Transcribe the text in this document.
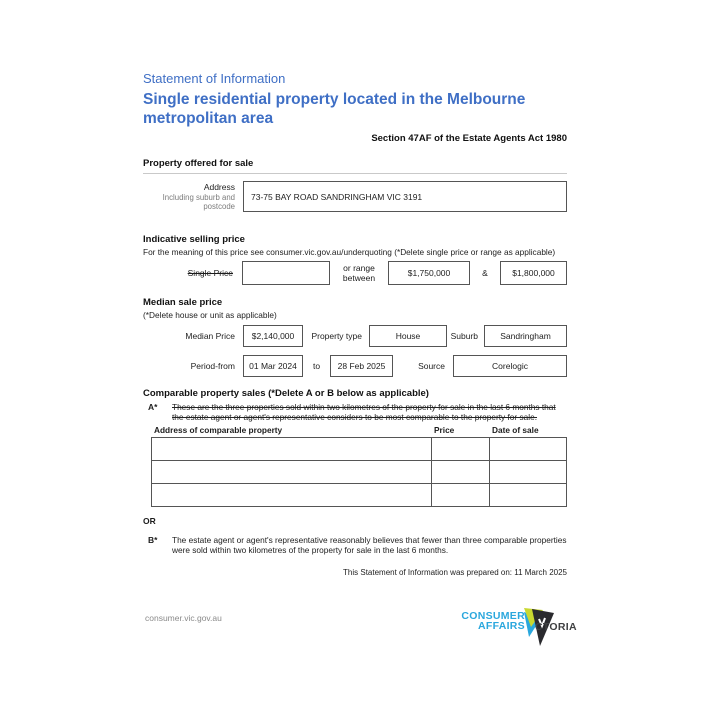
Statement of Information
Single residential property located in the Melbourne metropolitan area
Section 47AF of the Estate Agents Act 1980
Property offered for sale
Address
Including suburb and postcode
73-75 BAY ROAD SANDRINGHAM VIC 3191
Indicative selling price
For the meaning of this price see consumer.vic.gov.au/underquoting (*Delete single price or range as applicable)
Single Price	or range between	$1,750,000	&	$1,800,000
Median sale price
(*Delete house or unit as applicable)
Median Price	$2,140,000	Property type	House	Suburb	Sandringham
Period-from	01 Mar 2024	to	28 Feb 2025	Source	Corelogic
Comparable property sales (*Delete A or B below as applicable)
A*	These are the three properties sold within two kilometres of the property for sale in the last 6 months that the estate agent or agent's representative considers to be most comparable to the property for sale.
Address of comparable property	Price	Date of sale

OR
B*	The estate agent or agent's representative reasonably believes that fewer than three comparable properties were sold within two kilometres of the property for sale in the last 6 months.
This Statement of Information was prepared on: 11 March 2025
consumer.vic.gov.au	CONSUMER
AFFAIRS CTORIA
